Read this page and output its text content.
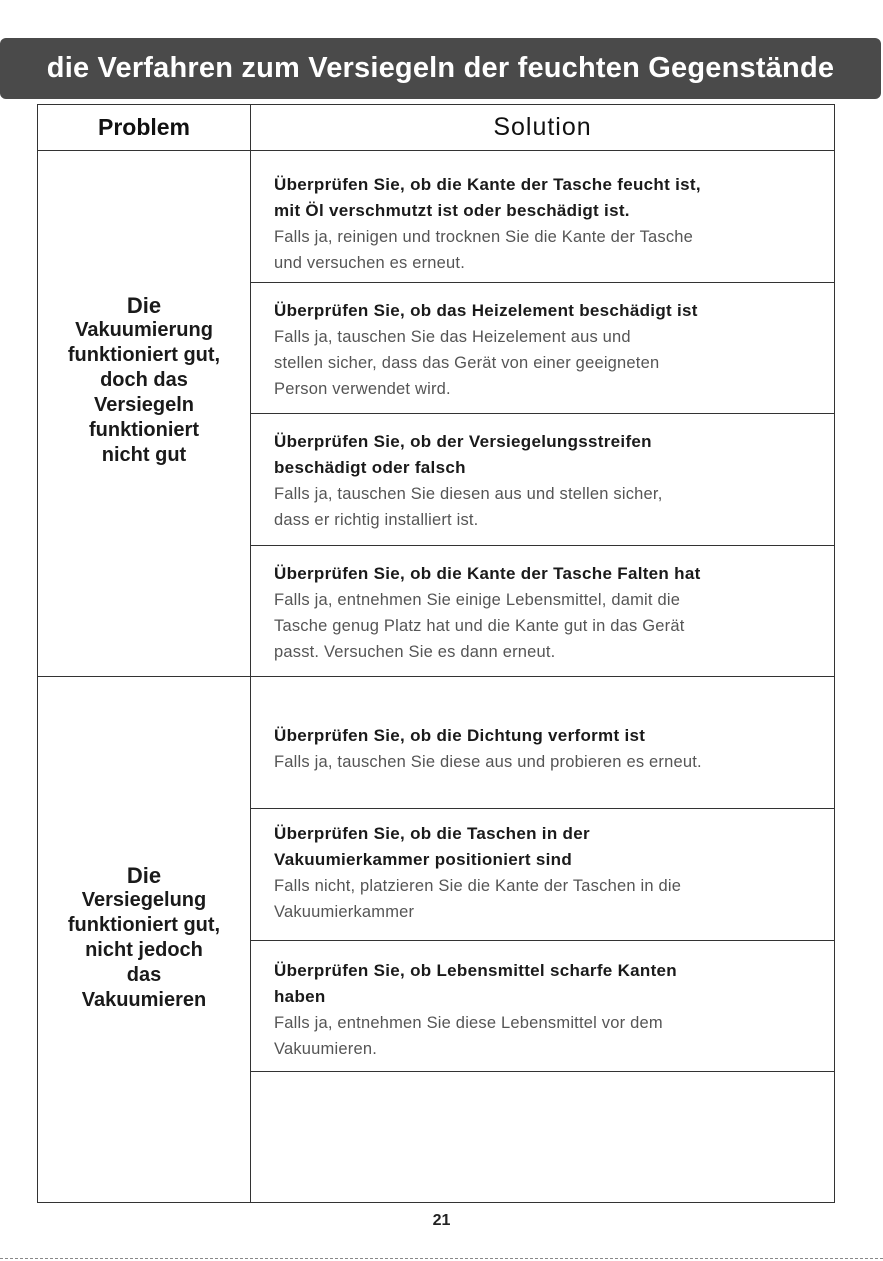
die Verfahren zum Versiegeln der feuchten Gegenstände
Problem	Solution
Die
Vakuumierung
funktioniert gut,
doch das
Versiegeln
funktioniert
nicht gut
Überprüfen Sie, ob die Kante der Tasche feucht ist,
mit Öl verschmutzt ist oder beschädigt ist.
Falls ja, reinigen und trocknen Sie die Kante der Tasche
und versuchen es erneut.
Überprüfen Sie, ob das Heizelement beschädigt ist
Falls ja, tauschen Sie das Heizelement aus und
stellen sicher, dass das Gerät von einer geeigneten
Person verwendet wird.
Überprüfen Sie, ob der Versiegelungsstreifen
beschädigt oder falsch
Falls ja, tauschen Sie diesen aus und stellen sicher,
dass er richtig installiert ist.
Überprüfen Sie, ob die Kante der Tasche Falten hat
Falls ja, entnehmen Sie einige Lebensmittel, damit die
Tasche genug Platz hat und die Kante gut in das Gerät
passt. Versuchen Sie es dann erneut.
Die
Versiegelung
funktioniert gut,
nicht jedoch
das
Vakuumieren
Überprüfen Sie, ob die Dichtung verformt ist
Falls ja, tauschen Sie diese aus und probieren es erneut.
Überprüfen Sie, ob die Taschen in der
Vakuumierkammer positioniert sind
Falls nicht, platzieren Sie die Kante der Taschen in die
Vakuumierkammer
Überprüfen Sie, ob Lebensmittel scharfe Kanten
haben
Falls ja, entnehmen Sie diese Lebensmittel vor dem
Vakuumieren.
21
